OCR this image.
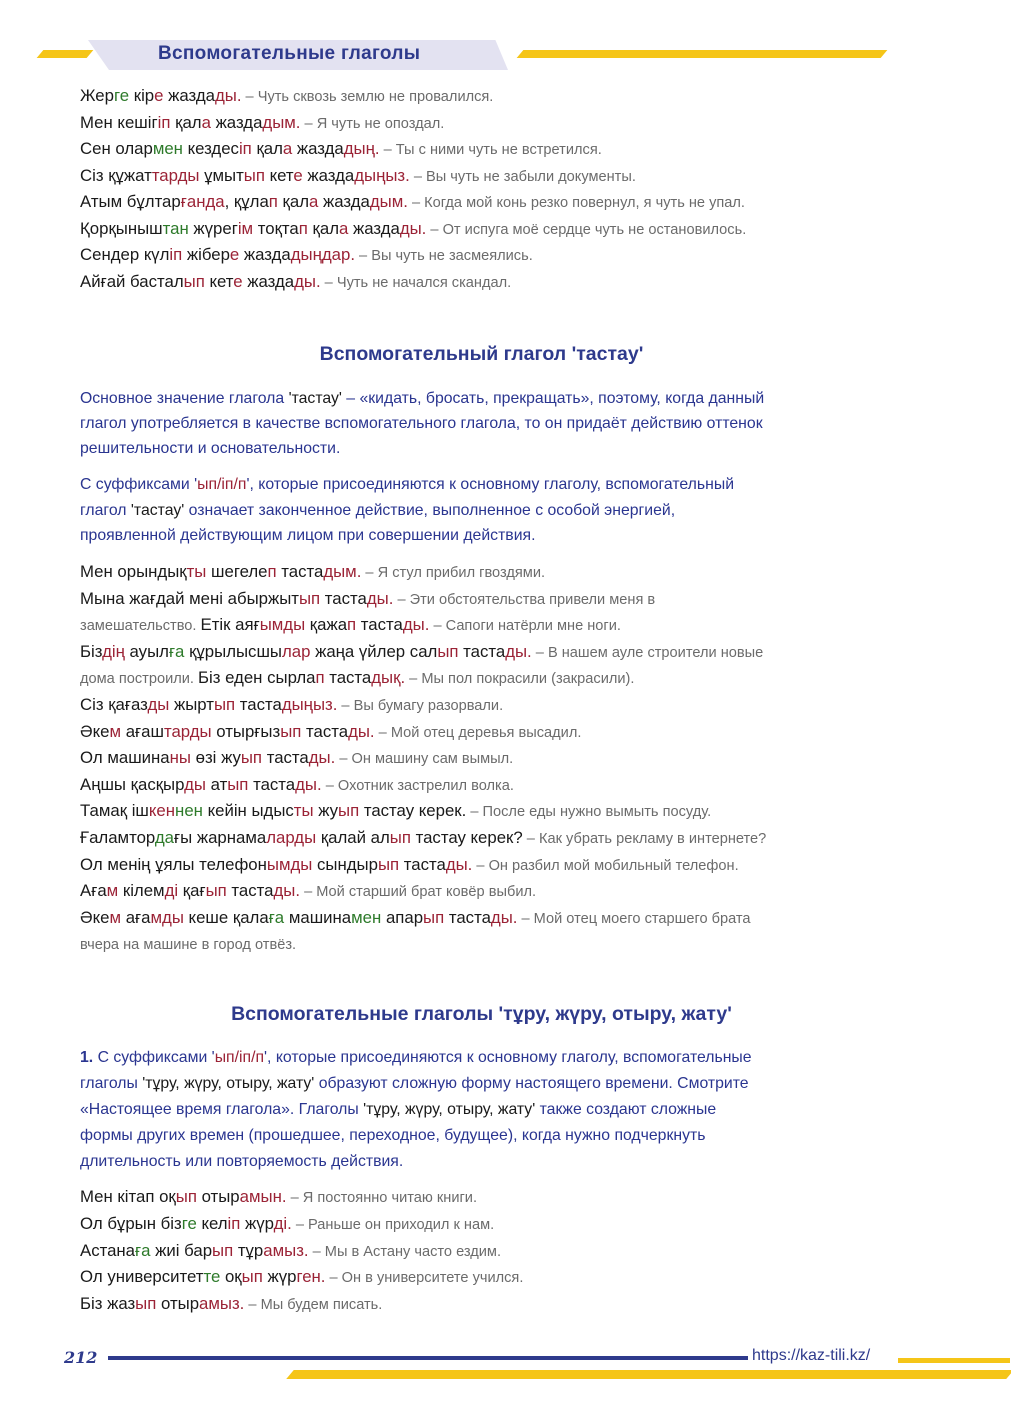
Вспомогательные глаголы
Жерге кіре жаздады. – Чуть сквозь землю не провалился.
Мен кешігіп қала жаздадым. – Я чуть не опоздал.
Сен олармен кездесіп қала жаздадың. – Ты с ними чуть не встретился.
Сіз құжаттарды ұмытып кете жаздадыңыз. – Вы чуть не забыли документы.
Атым бұлтарғанда, құлап қала жаздадым. – Когда мой конь резко повернул, я чуть не упал.
Қорқыныштан жүрегім тоқтап қала жаздады. – От испуга моё сердце чуть не остановилось.
Сендер күліп жібере жаздадыңдар. – Вы чуть не засмеялись.
Айғай басталып кете жаздады. – Чуть не начался скандал.
Вспомогательный глагол 'тастау'
Основное значение глагола 'тастау' – «кидать, бросать, прекращать», поэтому, когда данный
глагол употребляется в качестве вспомогательного глагола, то он придаёт действию оттенок
решительности и основательности.
С суффиксами 'ып/іп/п', которые присоединяются к основному глаголу, вспомогательный
глагол 'тастау' означает законченное действие, выполненное с особой энергией,
проявленной действующим лицом при совершении действия.
Мен орындықты шегелеп тастадым. – Я стул прибил гвоздями.
Мына жағдай мені абыржытып тастады. – Эти обстоятельства привели меня в
замешательство. Етік аяғымды қажап тастады. – Сапоги натёрли мне ноги.
Біздің ауылға құрылысшылар жаңа үйлер салып тастады. – В нашем ауле строители новые
дома построили. Біз еден сырлап тастадық. – Мы пол покрасили (закрасили).
Сіз қағазды жыртып тастадыңыз. – Вы бумагу разорвали.
Әкем ағаштарды отырғызып тастады. – Мой отец деревья высадил.
Ол машинаны өзі жуып тастады. – Он машину сам вымыл.
Аңшы қасқырды атып тастады. – Охотник застрелил волка.
Тамақ ішкеннен кейін ыдысты жуып тастау керек. – После еды нужно вымыть посуду.
Ғаламтордағы жарнамаларды қалай алып тастау керек? – Как убрать рекламу в интернете?
Ол менің ұялы телефонымды сындырып тастады. – Он разбил мой мобильный телефон.
Ағам кілемді қағып тастады. – Мой старший брат ковёр выбил.
Әкем ағамды кеше қалаға машинамен апарып тастады. – Мой отец моего старшего брата
вчера на машине в город отвёз.
Вспомогательные глаголы 'тұру, жүру, отыру, жату'
1. С суффиксами 'ып/іп/п', которые присоединяются к основному глаголу, вспомогательные
глаголы 'тұру, жүру, отыру, жату' образуют сложную форму настоящего времени. Смотрите
«Настоящее время глагола». Глаголы 'тұру, жүру, отыру, жату' также создают сложные
формы других времен (прошедшее, переходное, будущее), когда нужно подчеркнуть
длительность или повторяемость действия.
Мен кітап оқып отырамын. – Я постоянно читаю книги.
Ол бұрын бізге келіп жүрді. – Раньше он приходил к нам.
Астанаға жиі барып тұрамыз. – Мы в Астану часто ездим.
Ол университетте оқып жүрген. – Он в университете учился.
Біз жазып отырамыз. – Мы будем писать.
212	https://kaz-tili.kz/
